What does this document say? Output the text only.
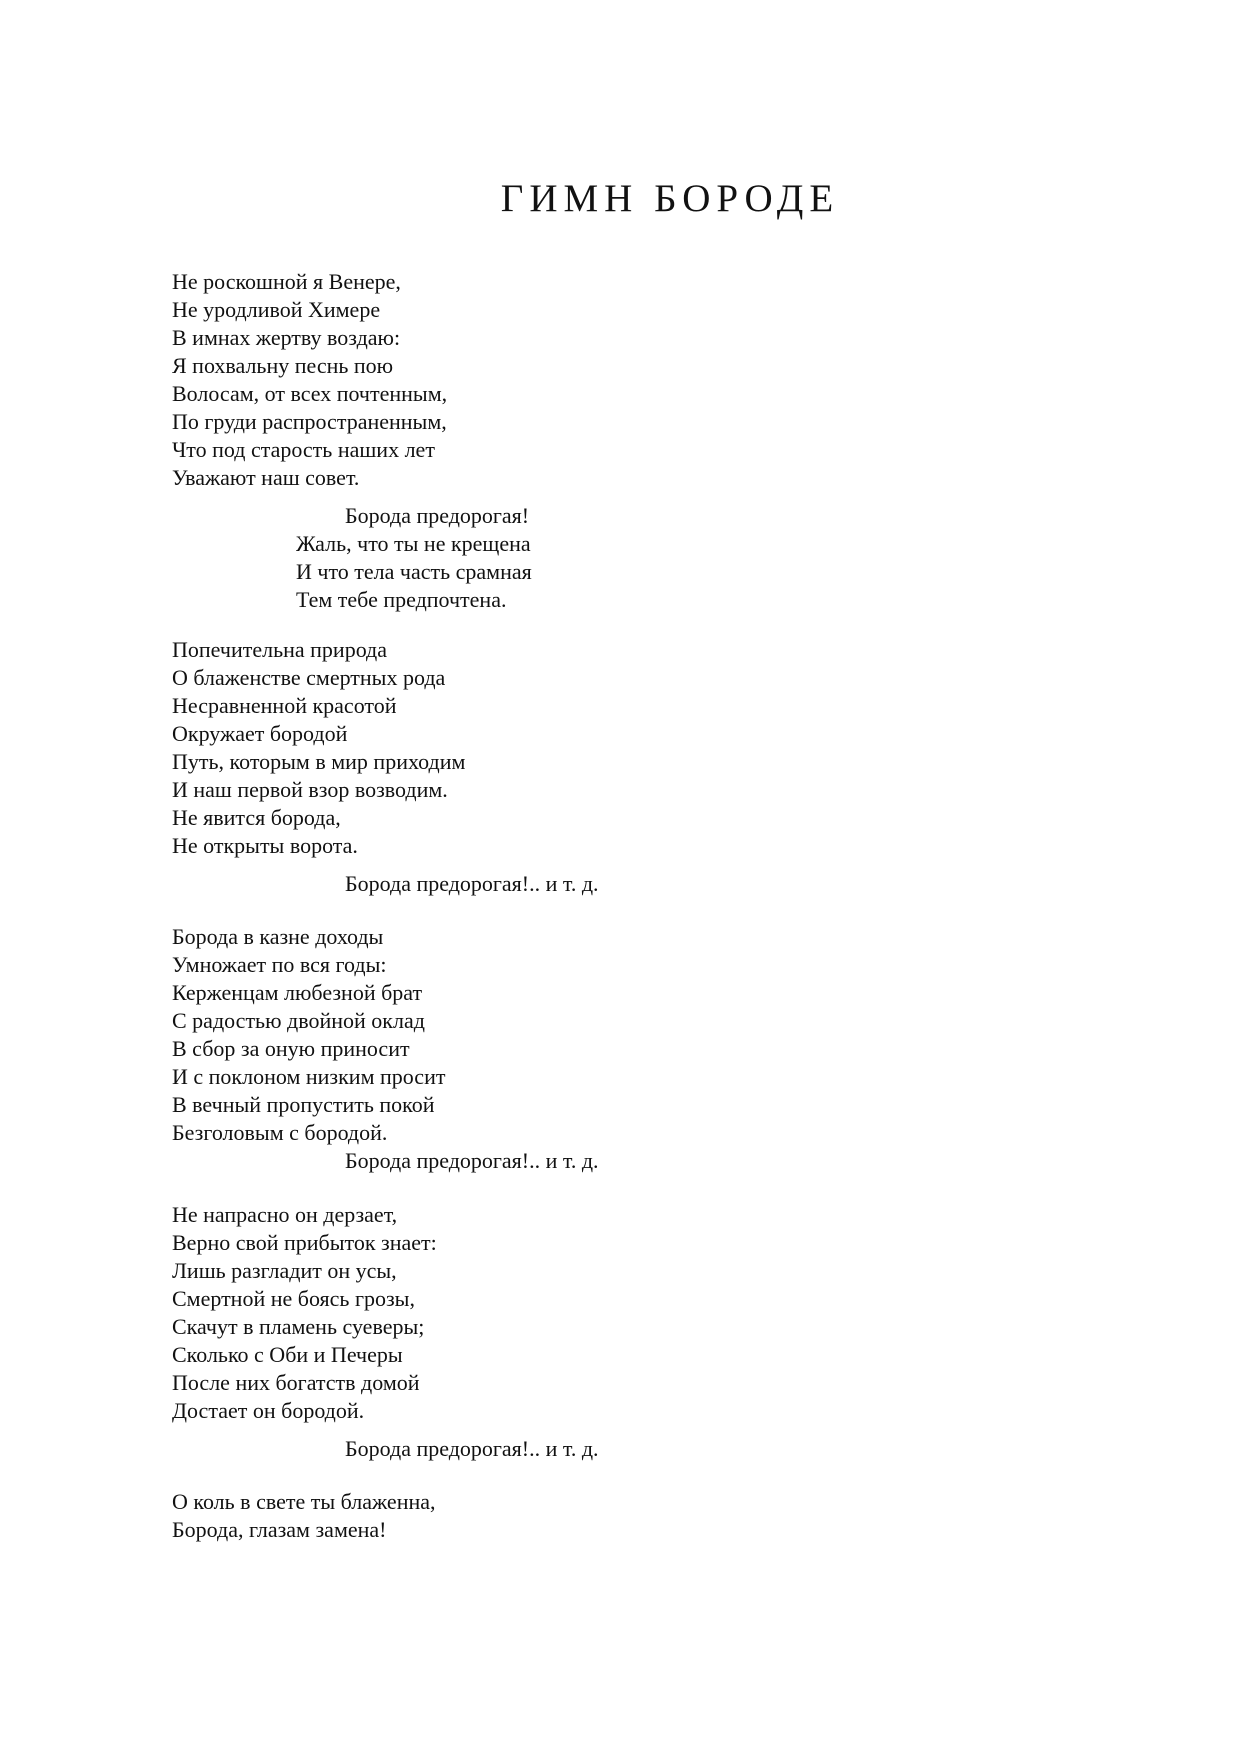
ГИМН БОРОДЕ
Не роскошной я Венере,
Не уродливой Химере
В имнах жертву воздаю:
Я похвальну песнь пою
Волосам, от всех почтенным,
По груди распространенным,
Что под старость наших лет
Уважают наш совет.
Борода предорогая!
Жаль, что ты не крещена
И что тела часть срамная
Тем тебе предпочтена.
Попечительна природа
О блаженстве смертных рода
Несравненной красотой
Окружает бородой
Путь, которым в мир приходим
И наш первой взор возводим.
Не явится борода,
Не открыты ворота.
Борода предорогая!.. и т. д.
Борода в казне доходы
Умножает по вся годы:
Керженцам любезной брат
С радостью двойной оклад
В сбор за оную приносит
И с поклоном низким просит
В вечный пропустить покой
Безголовым с бородой.
Борода предорогая!.. и т. д.
Не напрасно он дерзает,
Верно свой прибыток знает:
Лишь разгладит он усы,
Смертной не боясь грозы,
Скачут в пламень суеверы;
Сколько с Оби и Печеры
После них богатств домой
Достает он бородой.
Борода предорогая!.. и т. д.
О коль в свете ты блаженна,
Борода, глазам замена!
